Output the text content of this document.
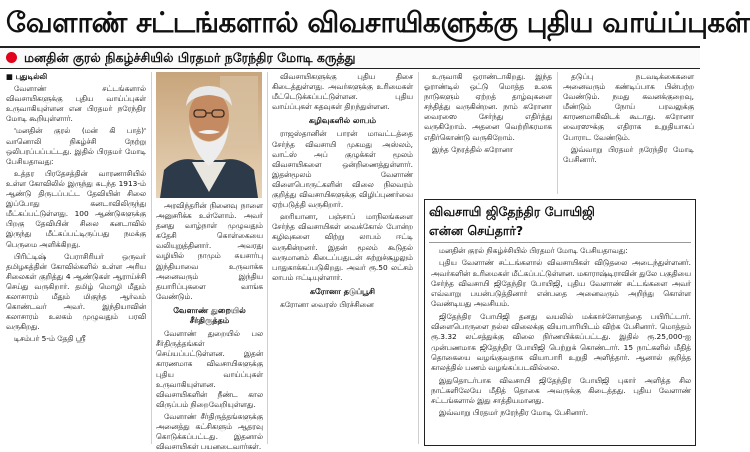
வேளாண் சட்டங்களால் விவசாயிகளுக்கு புதிய வாய்ப்புகள்
மனதின் குரல் நிகழ்ச்சியில் பிரதமர் நரேந்திர மோடி கருத்து

■ புதுடில்லி

வேளாண் சட்டங்களால் விவசாயிகளுக்கு புதிய வாய்ப்புகள் உருவாகியுள்ளன என பிரதமர் நரேந்திர மோடி கூறியுள்ளார்.

'மனதின் குரல் (மன் கி பாத்)' வானொலி நிகழ்ச்சி நேற்று ஒலிபரப்பப்பட்டது. இதில் பிரதமர் மோடி பேசியதாவது:

உத்தர பிரதேசத்தின் வாரணாசியில் உள்ள கோவிலில் இருந்து கடந்த 1913-ம் ஆண்டு திருடப்பட்ட தேவியின் சிலை இப்போது கனடாவிலிருந்து மீட்கப்பட்டுள்ளது. 100 ஆண்டுகளுக்கு பிறகு தேவியின் சிலை கனடாவில் இருந்து மீட்கப்பட்டிருப்பது நமக்கு பெருமை அளிக்கிறது.

பிரிட்டிஷ் பேராசிரியர் ஒருவர் தமிழகத்தின் கோவில்களில் உள்ள அரிய சிலைகள் குறித்து 4 ஆண்டுகள் ஆராய்ச்சி செய்து வருகிறார். தமிழ் மொழி மீதும் கலாசாரம் மீதும் மிகுந்த ஆர்வம் கொண்டவர் அவர். இந்தியாவின் கலாசாரம் உலகம் முழுவதும் பரவி வருகிறது.

டிசம்பர் 5-ம் தேதி ஸ்ரீ

அரவிந்தரின் நினைவு நாளை அனுசரிக்க உள்ளோம். அவர் தனது வாழ்நாள் முழுவதும் சுதேசி கொள்கையை வலியுறுத்தினார். அவரது வழியில் நாமும் சுயசார்பு இந்தியாவை உருவாக்க அனைவரும் இந்திய தயாரிப்புகளை வாங்க வேண்டும்.

வேளாண் துறையில் சீர்திருத்தம்

வேளாண் துறையில் பல சீர்திருத்தங்கள் செய்யப்பட்டுள்ளன. இதன் காரணமாக விவசாயிகளுக்கு புதிய வாய்ப்புகள் உருவாகியுள்ளன. விவசாயிகளின் நீண்ட கால விருப்பம் நிறைவேறியுள்ளது.

வேளாண் சீர்திருத்தங்களுக்கு அனைத்து கட்சிகளும் ஆதரவு கொடுக்கப்பட்டது. இதனால் விவசாயிகள் பயனடைவார்கள்.

விவசாயிகளுக்கு புதிய திசை கிடைத்துள்ளது. அவர்களுக்கு உரிமைகள் மீட்டெடுக்கப்பட்டுள்ளன. புதிய வாய்ப்புகள் கதவுகள் திறந்துள்ளன.

கழிவுகளில் லாபம்

ராஜஸ்தானின் பாரன் மாவட்டத்தை சேர்ந்த விவசாயி முகமது அஸ்லம், வாட்ஸ் அப் குழுக்கள் மூலம் விவசாயிகளை ஒன்றிணைத்துள்ளார். இதன்மூலம் வேளாண் விளைபொருட்களின் விலை நிலவரம் குறித்து விவசாயிகளுக்கு விழிப்புணர்வை ஏற்படுத்தி வருகிறார்.

ஹரியானா, பஞ்சாப் மாநிலங்களை சேர்ந்த விவசாயிகள் வைக்கோல் போன்ற கழிவுகளை விற்று லாபம் ஈட்டி வருகின்றனர். இதன் மூலம் கூடுதல் வருமானம் கிடைப்பதுடன் சுற்றுச்சூழலும் பாதுகாக்கப்படுகிறது. அவர் ரூ.50 லட்சம் லாபம் ஈட்டியுள்ளார்.

கரோனா தடுப்பூசி

கரோனா வைரஸ் பிரச்சினை

உருவாகி ஒராண்டாகிறது. இந்த ஓராண்டில் ஒட்டு மொத்த உலக நாடுகளும் ஏற்றத் தாழ்வுகளை சந்தித்து வருகின்றன. நாம் கரோனா வைரஸை சேர்ந்து எதிர்த்து வருகிறோம். அதனை வெற்றிகரமாக எதிர்கொண்டு வருகிறோம்.

இந்த நேரத்தில் கரோனா

தடுப்பு நடவடிக்கைகளை அனைவரும் கண்டிப்பாக பின்பற்ற வேண்டும். நமது கவனக்குறைவு, மீண்டும் நோய் பரவலுக்கு காரணமாகிவிடக் கூடாது. கரோனா வைரஸுக்கு எதிராக உறுதியாகப் போராட வேண்டும்.

இவ்வாறு பிரதமர் நரேந்திர மோடி பேசினார்.

விவசாயி ஜிதேந்திர போயிஜி
என்ன செய்தார்?

மனதின் குரல் நிகழ்ச்சியில் பிரதமர் மோடி பேசியதாவது:

புதிய வேளாண் சட்டங்களால் விவசாயிகள் விடுதலை அடைந்துள்ளனர். அவர்களின் உரிமைகள் மீட்கப்பட்டுள்ளன. மகாராஷ்டிராவின் துலே பகுதியை சேர்ந்த விவசாயி ஜிதேந்திர போயிஜி, புதிய வேளாண் சட்டங்களை அவர் எவ்வாறு பயன்படுத்தினார் என்பதை அனைவரும் அறிந்து கொள்ள வேண்டியது அவசியம்.

ஜிதேந்திர போயிஜி தனது வயலில் மக்காச்சோளத்தை பயிரிட்டார். விளைபொருளை நல்ல விலைக்கு வியாபாரியிடம் விற்க பேசினார். மொத்தம் ரூ.3.32 லட்சத்துக்கு விலை நிர்ணயிக்கப்பட்டது. இதில் ரூ.25,000-ஐ முன்பணமாக ஜிதேந்திர போயிஜி பெற்றுக் கொண்டார். 15 நாட்களில் மீதித் தொகையை வழங்குவதாக வியாபாரி உறுதி அளித்தார். ஆனால் குறித்த காலத்தில் பணம் வழங்கப்படவில்லை.

இதுதொடர்பாக விவசாயி ஜிதேந்திர போயிஜி புகார் அளித்த சில நாட்களிலேயே மீதித் தொகை அவருக்கு கிடைத்தது. புதிய வேளாண் சட்டங்களால் இது சாத்தியமானது.

இவ்வாறு பிரதமர் நரேந்திர மோடி பேசினார்.
